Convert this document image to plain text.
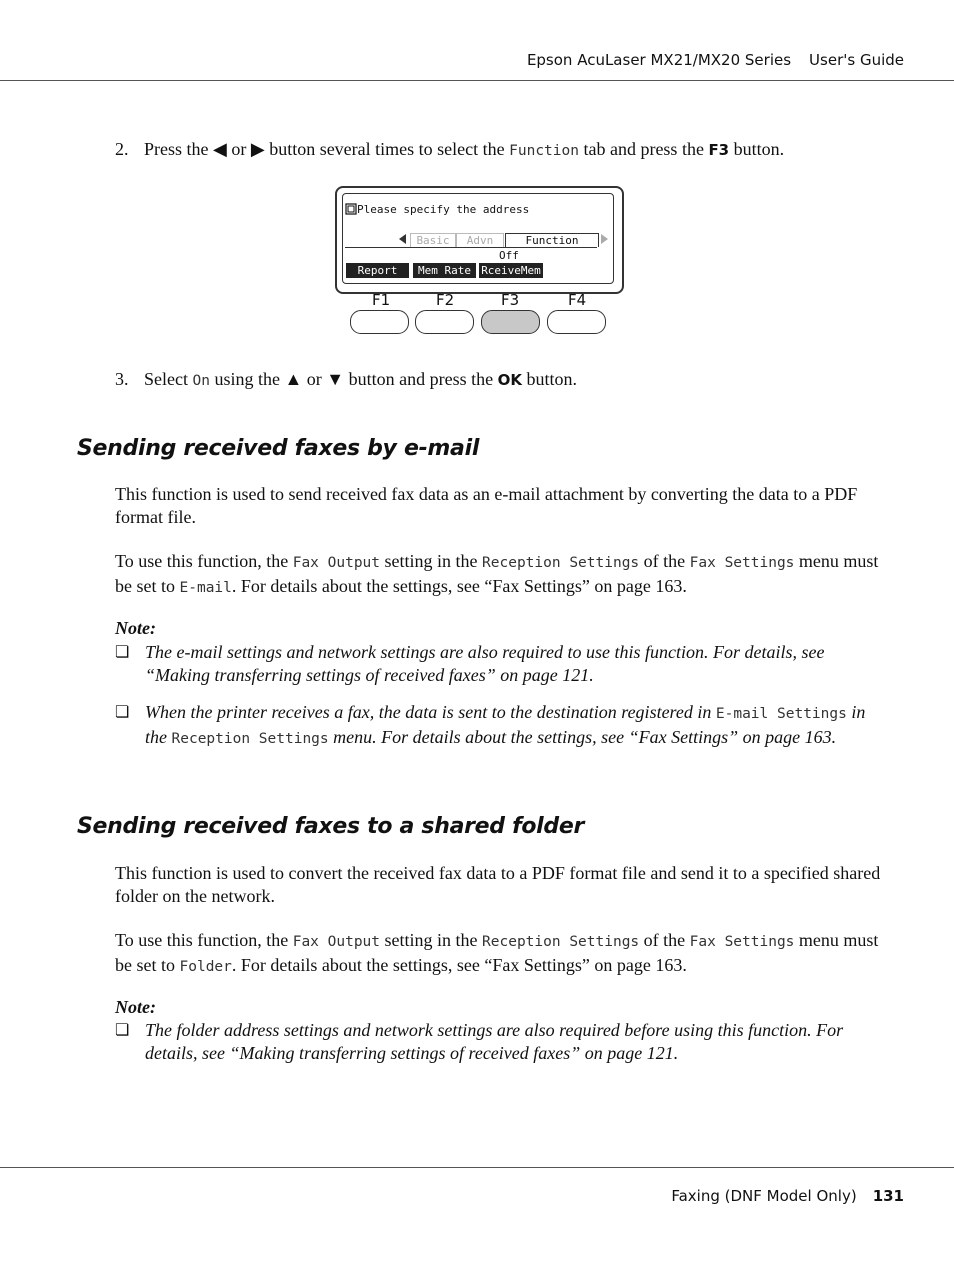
Epson AcuLaser MX21/MX20 Series User's Guide
2. Press the ◀ or ▶ button several times to select the Function tab and press the F3 button.
Please specify the address
Basic	Advn	Function
Off
Report	Mem Rate RceiveMem
F1	F2	F3	F4
3. Select On using the ▲ or ▼ button and press the OK button.
Sending received faxes by e-mail

This function is used to send received fax data as an e-mail attachment by converting the data to a PDF format file.

To use this function, the Fax Output setting in the Reception Settings of the Fax Settings menu must be set to E-mail. For details about the settings, see “Fax Settings” on page 163.

Note:
❏ The e-mail settings and network settings are also required to use this function. For details, see “Making transferring settings of received faxes” on page 121.
❏ When the printer receives a fax, the data is sent to the destination registered in E-mail Settings in the Reception Settings menu. For details about the settings, see “Fax Settings” on page 163.
Sending received faxes to a shared folder

This function is used to convert the received fax data to a PDF format file and send it to a specified shared folder on the network.

To use this function, the Fax Output setting in the Reception Settings of the Fax Settings menu must be set to Folder. For details about the settings, see “Fax Settings” on page 163.

Note:
❏ The folder address settings and network settings are also required before using this function. For details, see “Making transferring settings of received faxes” on page 121.
Faxing (DNF Model Only) 131
